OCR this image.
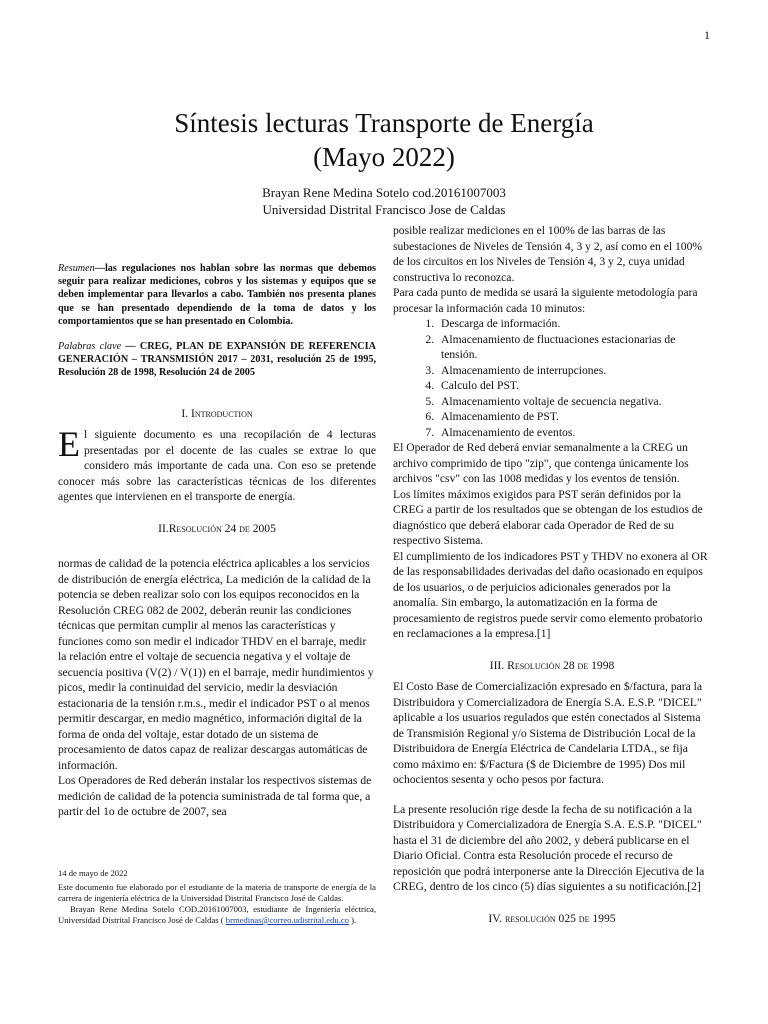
1
Síntesis lecturas Transporte de Energía
(Mayo 2022)
Brayan Rene Medina Sotelo cod.20161007003
Universidad Distrital Francisco Jose de Caldas

Resumen—las regulaciones nos hablan sobre las normas que debemos seguir para realizar mediciones, cobros y los sistemas y equipos que se deben implementar para llevarlos a cabo. También nos presenta planes que se han presentado dependiendo de la toma de datos y los comportamientos que se han presentado en Colombia.

Palabras clave — CREG, PLAN DE EXPANSIÓN DE REFERENCIA GENERACIÓN – TRANSMISIÓN 2017 – 2031, resolución 25 de 1995, Resolución 28 de 1998, Resolución 24 de 2005

I. Introduction

El siguiente documento es una recopilación de 4 lecturas presentadas por el docente de las cuales se extrae lo que considero más importante de cada una. Con eso se pretende conocer más sobre las características técnicas de los diferentes agentes que intervienen en el transporte de energía.

II.Resolución 24 de 2005

normas de calidad de la potencia eléctrica aplicables a los servicios de distribución de energía eléctrica, La medición de la calidad de la potencia se deben realizar solo con los equipos reconocidos en la Resolución CREG 082 de 2002, deberán reunir las condiciones técnicas que permitan cumplir al menos las características y funciones como son medir el indicador THDV en el barraje, medir la relación entre el voltaje de secuencia negativa y el voltaje de secuencia positiva (V(2) / V(1)) en el barraje, medir hundimientos y picos, medir la continuidad del servicio, medir la desviación estacionaria de la tensión r.m.s., medir el indicador PST o al menos permitir descargar, en medio magnético, información digital de la forma de onda del voltaje, estar dotado de un sistema de procesamiento de datos capaz de realizar descargas automáticas de información.

Los Operadores de Red deberán instalar los respectivos sistemas de medición de calidad de la potencia suministrada de tal forma que, a partir del 1o de octubre de 2007, sea

14 de mayo de 2022

Este documento fue elaborado por el estudiante de la materia de transporte de energía de la carrera de ingeniería eléctrica de la Universidad Distrital Francisco José de Caldas.

Brayan Rene Medina Sotelo COD.20161007003, estudiante de Ingeniería eléctrica, Universidad Distrital Francisco José de Caldas ( brmedinas@correo.udistrital.edu.co ).

posible realizar mediciones en el 100% de las barras de las subestaciones de Niveles de Tensión 4, 3 y 2, así como en el 100% de los circuitos en los Niveles de Tensión 4, 3 y 2, cuya unidad constructiva lo reconozca.

Para cada punto de medida se usará la siguiente metodología para procesar la información cada 10 minutos:

1. Descarga de información.
2. Almacenamiento de fluctuaciones estacionarias de tensión.
3. Almacenamiento de interrupciones.
4. Calculo del PST.
5. Almacenamiento voltaje de secuencia negativa.
6. Almacenamiento de PST.
7. Almacenamiento de eventos.

El Operador de Red deberá enviar semanalmente a la CREG un archivo comprimido de tipo "zip", que contenga únicamente los archivos "csv" con las 1008 medidas y los eventos de tensión.

Los límites máximos exigidos para PST serán definidos por la CREG a partir de los resultados que se obtengan de los estudios de diagnóstico que deberá elaborar cada Operador de Red de su respectivo Sistema.

El cumplimiento de los indicadores PST y THDV no exonera al OR de las responsabilidades derivadas del daño ocasionado en equipos de los usuarios, o de perjuicios adicionales generados por la anomalía. Sin embargo, la automatización en la forma de procesamiento de registros puede servir como elemento probatorio en reclamaciones a la empresa.[1]

III. Resolución 28 de 1998

El Costo Base de Comercialización expresado en $/factura, para la Distribuidora y Comercializadora de Energía S.A. E.S.P. "DICEL" aplicable a los usuarios regulados que estén conectados al Sistema de Transmisión Regional y/o Sistema de Distribución Local de la Distribuidora de Energía Eléctrica de Candelaria LTDA., se fija como máximo en: $/Factura ($ de Diciembre de 1995) Dos mil ochocientos sesenta y ocho pesos por factura.

La presente resolución rige desde la fecha de su notificación a la Distribuidora y Comercializadora de Energía S.A. E.S.P. "DICEL" hasta el 31 de diciembre del año 2002, y deberá publicarse en el Diario Oficial. Contra esta Resolución procede el recurso de reposición que podrá interponerse ante la Dirección Ejecutiva de la CREG, dentro de los cinco (5) días siguientes a su notificación.[2]

IV. resolución 025 de 1995
